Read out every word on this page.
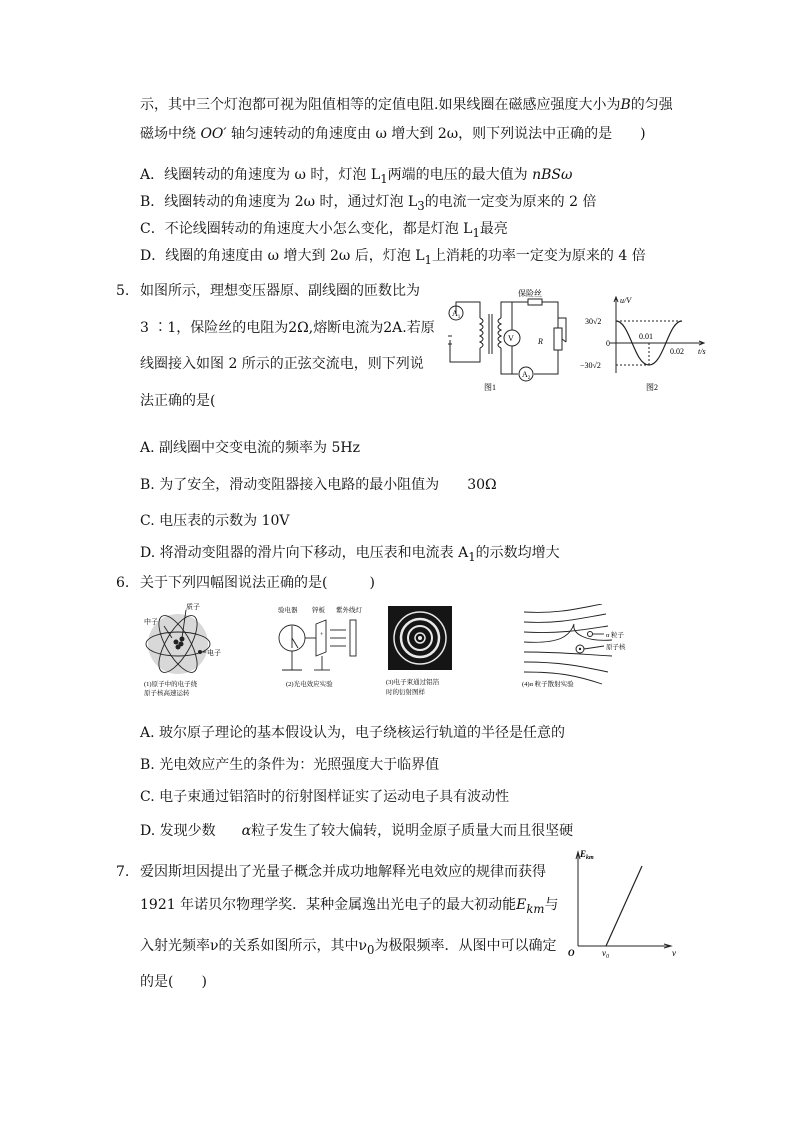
示，其中三个灯泡都可视为阻值相等的定值电阻.如果线圈在磁感应强度大小为B的匀强
磁场中绕 OO′ 轴匀速转动的角速度由 ω 增大到 2ω，则下列说法中正确的是　　)
A．线圈转动的角速度为 ω 时，灯泡 $L_1$两端的电压的最大值为 nBSω
B．线圈转动的角速度为 2ω 时，通过灯泡 $L_3$的电流一定变为原来的 2 倍
C．不论线圈转动的角速度大小怎么变化，都是灯泡 $L_1$最亮
D．线圈的角速度由 ω 增大到 2ω 后，灯泡 $L_1$上消耗的功率一定变为原来的 4 倍
5. 如图所示，理想变压器原、副线圈的匝数比为
3 ∶1，保险丝的电阻为2Ω,熔断电流为2A.若原
线圈接入如图 2 所示的正弦交流电，则下列说
法正确的是(
$A_1$
V	R
$A_2$
保险丝
图1
u/V
30√2
0
−30√2
0.01
0.02 t/s
图2
A. 副线圈中交变电流的频率为 5Hz
B. 为了安全，滑动变阻器接入电路的最小阻值为 30Ω
C. 电压表的示数为 10V
D. 将滑动变阻器的滑片向下移动，电压表和电流表 $A_1$的示数均增大
6. 关于下列四幅图说法正确的是(　　　)
质子
中子
电子
(1)原子中的电子绕
原子核高速运转
+
验电器 锌板 紫外线灯
(2)光电效应实验	(3)电子束通过铝箔
时的衍射图样
α 粒子
原子核
(4)α 粒子散射实验
A. 玻尔原子理论的基本假设认为，电子绕核运行轨道的半径是任意的
B. 光电效应产生的条件为：光照强度大于临界值
C. 电子束通过铝箔时的衍射图样证实了运动电子具有波动性
D. 发现少数 α粒子发生了较大偏转，说明金原子质量大而且很坚硬
7. 爱因斯坦因提出了光量子概念并成功地解释光电效应的规律而获得
1921 年诺贝尔物理学奖．某种金属逸出光电子的最大初动能$E_{km}$与
入射光频率ν的关系如图所示，其中$\nu_0$为极限频率．从图中可以确定
的是(　　)
$E_{km}$
O	$\nu_0$	ν
